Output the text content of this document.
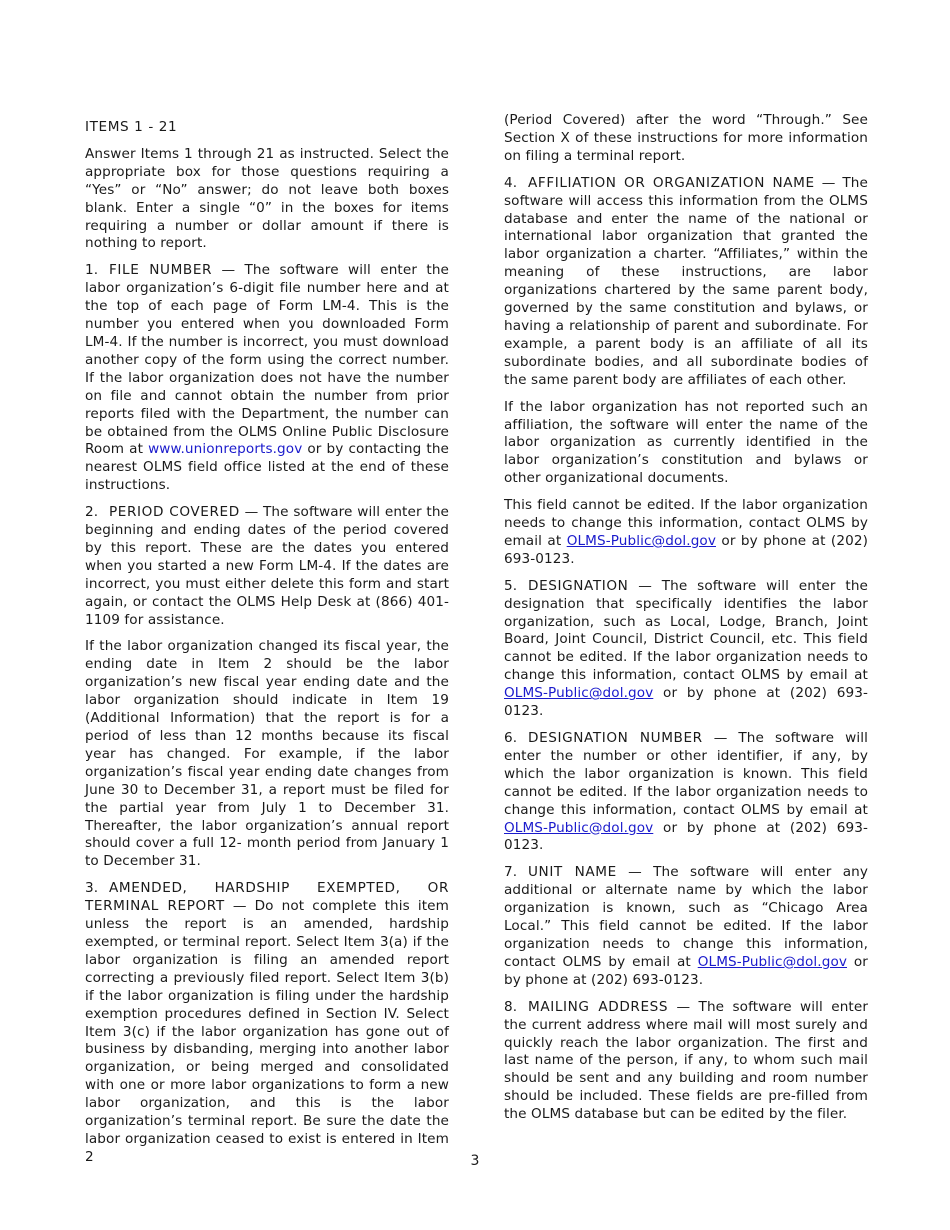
ITEMS 1 - 21

Answer Items 1 through 21 as instructed. Select the appropriate box for those questions requiring a “Yes” or “No” answer; do not leave both boxes blank. Enter a single “0” in the boxes for items requiring a number or dollar amount if there is nothing to report.

1. FILE NUMBER — The software will enter the labor organization’s 6-digit file number here and at the top of each page of Form LM-4. This is the number you entered when you downloaded Form LM-4. If the number is incorrect, you must download another copy of the form using the correct number. If the labor organization does not have the number on file and cannot obtain the number from prior reports filed with the Department, the number can be obtained from the OLMS Online Public Disclosure Room at www.unionreports.gov or by contacting the nearest OLMS field office listed at the end of these instructions.

2. PERIOD COVERED — The software will enter the beginning and ending dates of the period covered by this report. These are the dates you entered when you started a new Form LM-4. If the dates are incorrect, you must either delete this form and start again, or contact the OLMS Help Desk at (866) 401-1109 for assistance.

If the labor organization changed its fiscal year, the ending date in Item 2 should be the labor organization’s new fiscal year ending date and the labor organization should indicate in Item 19 (Additional Information) that the report is for a period of less than 12 months because its fiscal year has changed. For example, if the labor organization’s fiscal year ending date changes from June 30 to December 31, a report must be filed for the partial year from July 1 to December 31. Thereafter, the labor organization’s annual report should cover a full 12- month period from January 1 to December 31.

3. AMENDED, HARDSHIP EXEMPTED, OR TERMINAL REPORT — Do not complete this item unless the report is an amended, hardship exempted, or terminal report. Select Item 3(a) if the labor organization is filing an amended report correcting a previously filed report. Select Item 3(b) if the labor organization is filing under the hardship exemption procedures defined in Section IV. Select Item 3(c) if the labor organization has gone out of business by disbanding, merging into another labor organization, or being merged and consolidated with one or more labor organizations to form a new labor organization, and this is the labor organization’s terminal report. Be sure the date the labor organization ceased to exist is entered in Item 2

(Period Covered) after the word “Through.” See Section X of these instructions for more information on filing a terminal report.

4. AFFILIATION OR ORGANIZATION NAME — The software will access this information from the OLMS database and enter the name of the national or international labor organization that granted the labor organization a charter. “Affiliates,” within the meaning of these instructions, are labor organizations chartered by the same parent body, governed by the same constitution and bylaws, or having a relationship of parent and subordinate. For example, a parent body is an affiliate of all its subordinate bodies, and all subordinate bodies of the same parent body are affiliates of each other.

If the labor organization has not reported such an affiliation, the software will enter the name of the labor organization as currently identified in the labor organization’s constitution and bylaws or other organizational documents.

This field cannot be edited. If the labor organization needs to change this information, contact OLMS by email at OLMS-Public@dol.gov or by phone at (202) 693-0123.

5. DESIGNATION — The software will enter the designation that specifically identifies the labor organization, such as Local, Lodge, Branch, Joint Board, Joint Council, District Council, etc. This field cannot be edited. If the labor organization needs to change this information, contact OLMS by email at OLMS-Public@dol.gov or by phone at (202) 693-0123.

6. DESIGNATION NUMBER — The software will enter the number or other identifier, if any, by which the labor organization is known. This field cannot be edited. If the labor organization needs to change this information, contact OLMS by email at OLMS-Public@dol.gov or by phone at (202) 693-0123.

7. UNIT NAME — The software will enter any additional or alternate name by which the labor organization is known, such as “Chicago Area Local.” This field cannot be edited. If the labor organization needs to change this information, contact OLMS by email at OLMS-Public@dol.gov or by phone at (202) 693-0123.

8. MAILING ADDRESS — The software will enter the current address where mail will most surely and quickly reach the labor organization. The first and last name of the person, if any, to whom such mail should be sent and any building and room number should be included. These fields are pre-filled from the OLMS database but can be edited by the filer.

3
